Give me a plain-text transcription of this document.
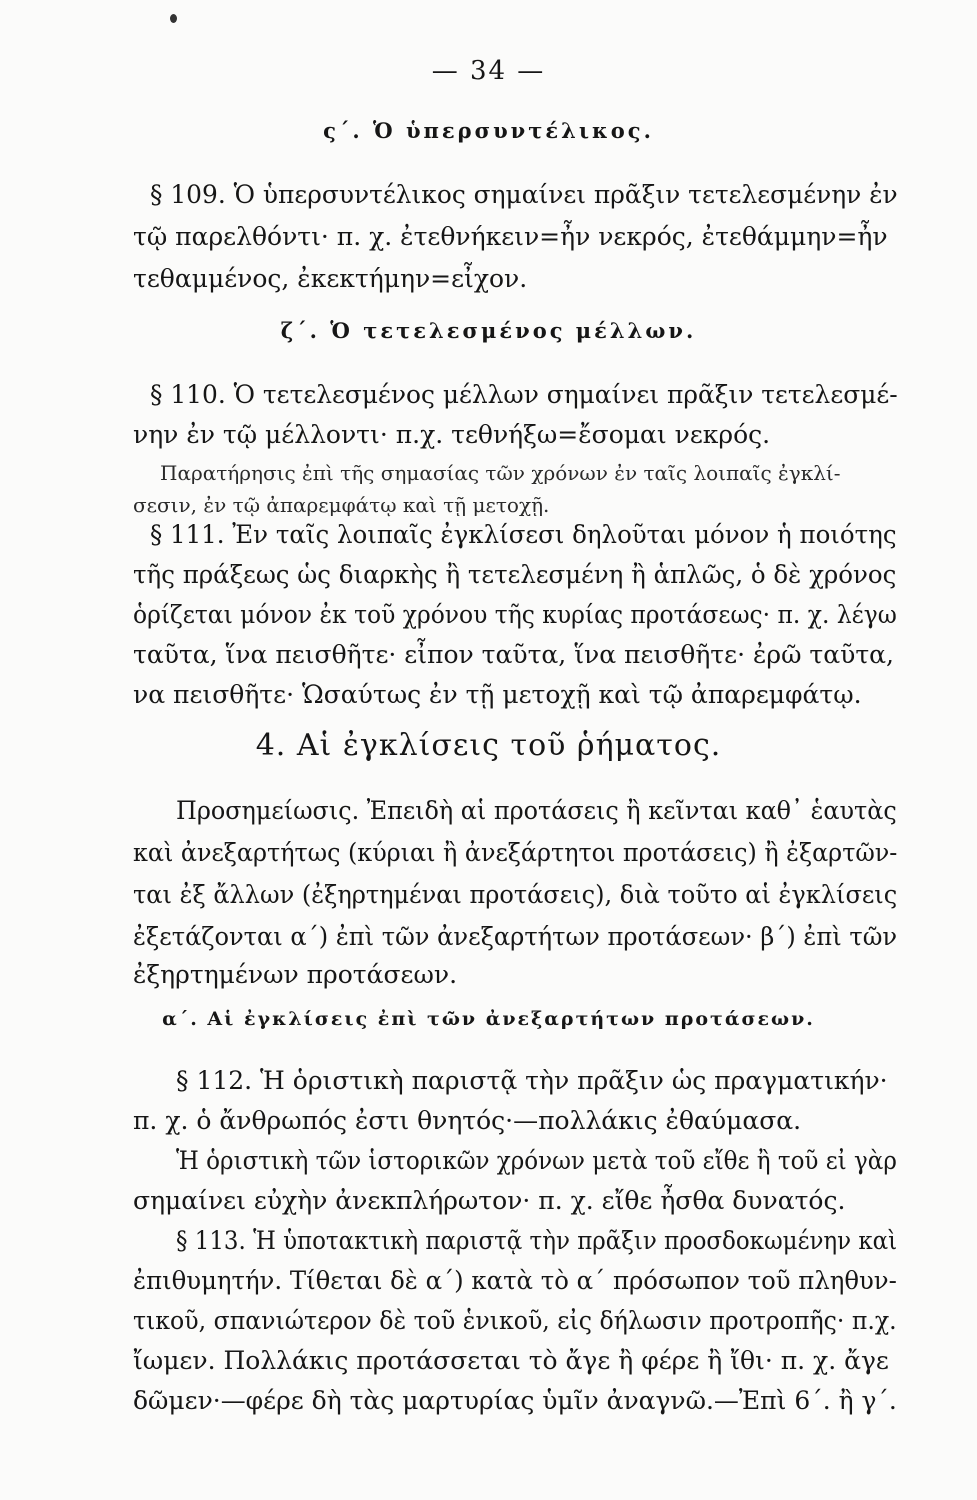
— 34 —
ς΄. Ὁ ὑπερσυντέλικος.
§ 109. Ὁ ὑπερσυντέλικος σημαίνει πρᾶξιν τετελεσμένην ἐν
τῷ παρελθόντι· π. χ. ἐτεθνήκειν=ἦν νεκρός, ἐτεθάμμην=ἦν
τεθαμμένος, ἐκεκτήμην=εἶχον.
ζ΄. Ὁ τετελεσμένος μέλλων.
§ 110. Ὁ τετελεσμένος μέλλων σημαίνει πρᾶξιν τετελεσμέ-
νην ἐν τῷ μέλλοντι· π.χ. τεθνήξω=ἔσομαι νεκρός.
Παρατήρησις ἐπὶ τῆς σημασίας τῶν χρόνων ἐν ταῖς λοιπαῖς ἐγκλί-
σεσιν, ἐν τῷ ἀπαρεμφάτῳ καὶ τῇ μετοχῇ.
§ 111. Ἐν ταῖς λοιπαῖς ἐγκλίσεσι δηλοῦται μόνον ἡ ποιότης
τῆς πράξεως ὡς διαρκὴς ἢ τετελεσμένη ἢ ἁπλῶς, ὁ δὲ χρόνος
ὁρίζεται μόνον ἐκ τοῦ χρόνου τῆς κυρίας προτάσεως· π. χ. λέγω
ταῦτα, ἵνα πεισθῆτε· εἶπον ταῦτα, ἵνα πεισθῆτε· ἐρῶ ταῦτα,
να πεισθῆτε· Ὡσαύτως ἐν τῇ μετοχῇ καὶ τῷ ἀπαρεμφάτῳ.
4. Αἱ ἐγκλίσεις τοῦ ῥήματος.
Προσημείωσις. Ἐπειδὴ αἱ προτάσεις ἢ κεῖνται καθ᾽ ἑαυτὰς
καὶ ἀνεξαρτήτως (κύριαι ἢ ἀνεξάρτητοι προτάσεις) ἢ ἐξαρτῶν-
ται ἐξ ἄλλων (ἐξηρτημέναι προτάσεις), διὰ τοῦτο αἱ ἐγκλίσεις
ἐξετάζονται α΄) ἐπὶ τῶν ἀνεξαρτήτων προτάσεων· β΄) ἐπὶ τῶν
ἐξηρτημένων προτάσεων.
α΄. Αἱ ἐγκλίσεις ἐπὶ τῶν ἀνεξαρτήτων προτάσεων.
§ 112. Ἡ ὁριστικὴ παριστᾷ τὴν πρᾶξιν ὡς πραγματικήν·
π. χ. ὁ ἄνθρωπός ἐστι θνητός·—πολλάκις ἐθαύμασα.
Ἡ ὁριστικὴ τῶν ἱστορικῶν χρόνων μετὰ τοῦ εἴθε ἢ τοῦ εἰ γὰρ
σημαίνει εὐχὴν ἀνεκπλήρωτον· π. χ. εἴθε ἦσθα δυνατός.
§ 113. Ἡ ὑποτακτικὴ παριστᾷ τὴν πρᾶξιν προσδοκωμένην καὶ
ἐπιθυμητήν. Τίθεται δὲ α΄) κατὰ τὸ α΄ πρόσωπον τοῦ πληθυν-
τικοῦ, σπανιώτερον δὲ τοῦ ἑνικοῦ, εἰς δήλωσιν προτροπῆς· π.χ.
ἴωμεν. Πολλάκις προτάσσεται τὸ ἄγε ἢ φέρε ἢ ἴθι· π. χ. ἄγε
δῶμεν·—φέρε δὴ τὰς μαρτυρίας ὑμῖν ἀναγνῶ.—Ἐπὶ 6΄. ἢ γ΄.
